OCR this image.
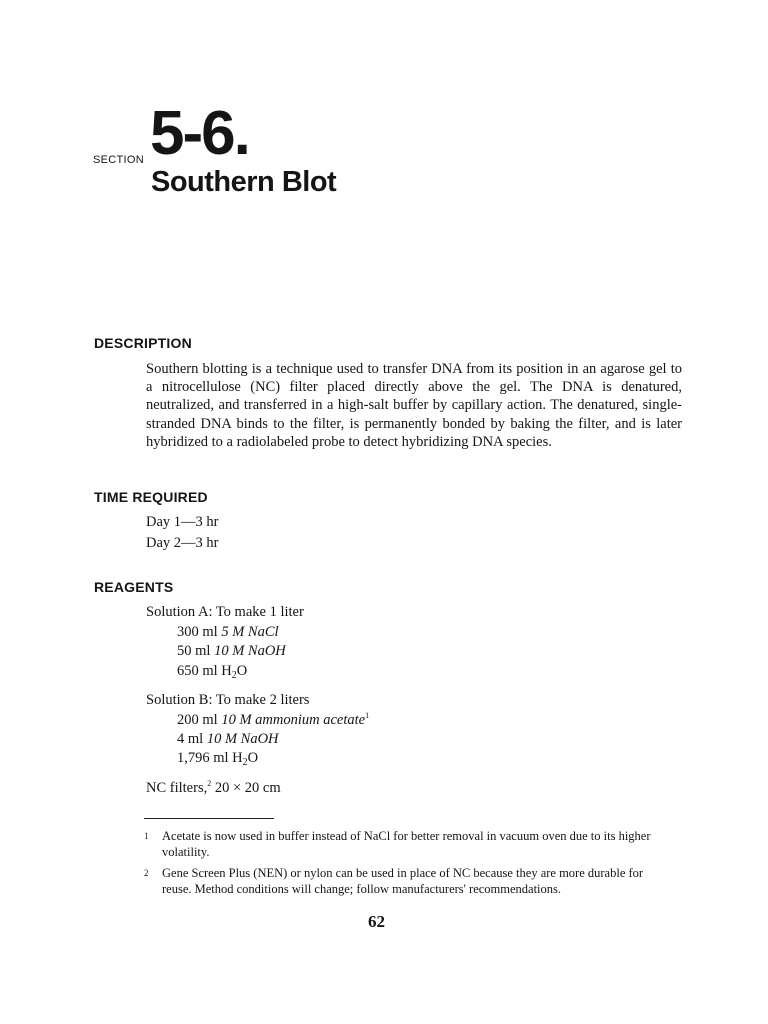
SECTION 5-6.
Southern Blot
DESCRIPTION
Southern blotting is a technique used to transfer DNA from its position in an agarose gel to a nitrocellulose (NC) filter placed directly above the gel. The DNA is denatured, neutralized, and transferred in a high-salt buffer by capillary action. The denatured, single-stranded DNA binds to the filter, is permanently bonded by baking the filter, and is later hybridized to a radiolabeled probe to detect hybridizing DNA species.
TIME REQUIRED
Day 1—3 hr
Day 2—3 hr
REAGENTS
Solution A: To make 1 liter
300 ml 5 M NaCl
50 ml 10 M NaOH
650 ml $H_2O$
Solution B: To make 2 liters
200 ml 10 M ammonium acetate$^1$
4 ml 10 M NaOH
1,796 ml $H_2O$
NC filters,$^2$ 20 × 20 cm
1 Acetate is now used in buffer instead of NaCl for better removal in vacuum oven due to its higher volatility.
2 Gene Screen Plus (NEN) or nylon can be used in place of NC because they are more durable for reuse. Method conditions will change; follow manufacturers' recommendations.
62
